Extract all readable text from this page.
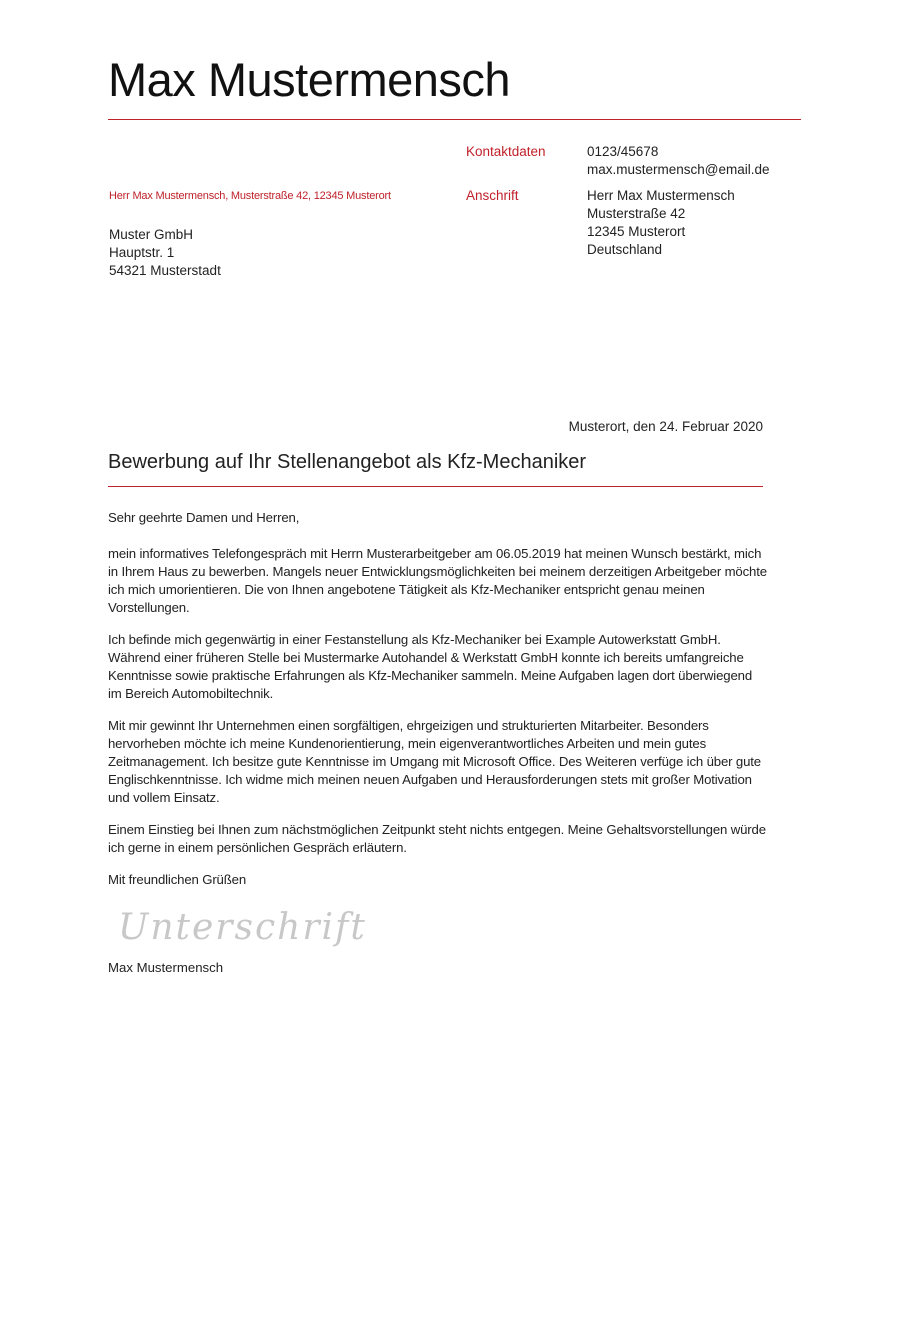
Max Mustermensch
Kontaktdaten	0123/45678
max.mustermensch@email.de
Herr Max Mustermensch, Musterstraße 42, 12345 Musterort	Anschrift	Herr Max Mustermensch
Musterstraße 42
12345 Musterort
Deutschland
Muster GmbH
Hauptstr. 1
54321 Musterstadt
Musterort, den 24. Februar 2020
Bewerbung auf Ihr Stellenangebot als Kfz-Mechaniker

Sehr geehrte Damen und Herren,

mein informatives Telefongespräch mit Herrn Musterarbeitgeber am 06.05.2019 hat meinen Wunsch bestärkt, mich in Ihrem Haus zu bewerben. Mangels neuer Entwicklungsmöglichkeiten bei meinem derzeitigen Arbeitgeber möchte ich mich umorientieren. Die von Ihnen angebotene Tätigkeit als Kfz-Mechaniker entspricht genau meinen Vorstellungen.

Ich befinde mich gegenwärtig in einer Festanstellung als Kfz-Mechaniker bei Example Autowerkstatt GmbH. Während einer früheren Stelle bei Mustermarke Autohandel & Werkstatt GmbH konnte ich bereits umfangreiche Kenntnisse sowie praktische Erfahrungen als Kfz-Mechaniker sammeln. Meine Aufgaben lagen dort überwiegend im Bereich Automobiltechnik.

Mit mir gewinnt Ihr Unternehmen einen sorgfältigen, ehrgeizigen und strukturierten Mitarbeiter. Besonders hervorheben möchte ich meine Kundenorientierung, mein eigenverantwortliches Arbeiten und mein gutes Zeitmanagement. Ich besitze gute Kenntnisse im Umgang mit Microsoft Office. Des Weiteren verfüge ich über gute Englischkenntnisse. Ich widme mich meinen neuen Aufgaben und Herausforderungen stets mit großer Motivation und vollem Einsatz.

Einem Einstieg bei Ihnen zum nächstmöglichen Zeitpunkt steht nichts entgegen. Meine Gehaltsvorstellungen würde ich gerne in einem persönlichen Gespräch erläutern.

Mit freundlichen Grüßen

Unterschrift
Max Mustermensch
